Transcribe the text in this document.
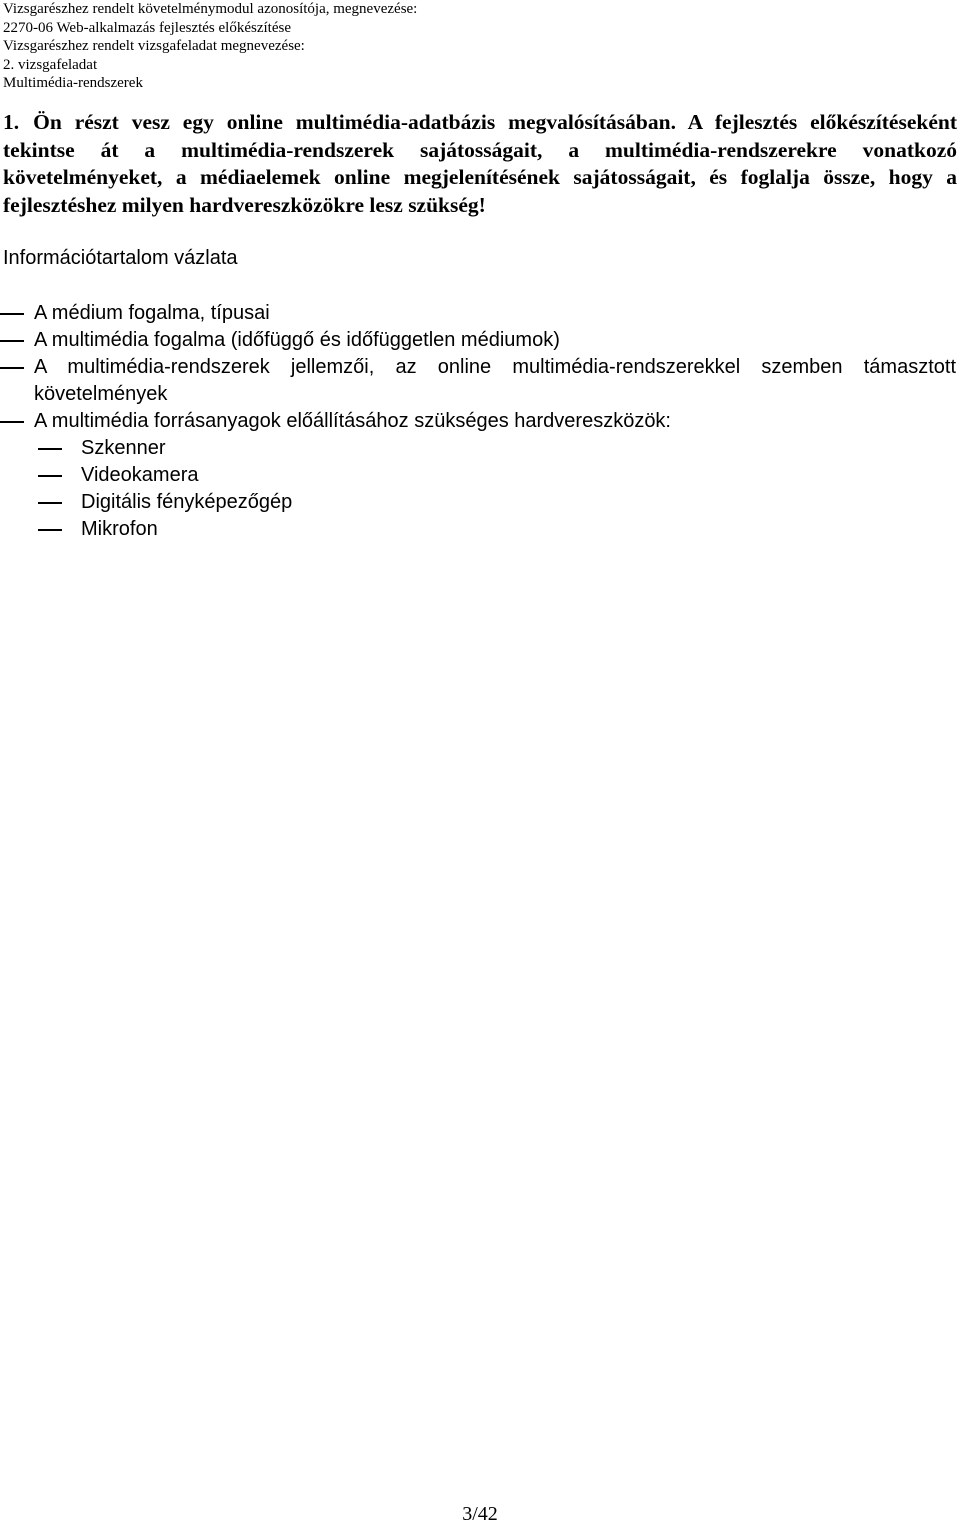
Vizsgarészhez rendelt követelménymodul azonosítója, megnevezése:
2270-06 Web-alkalmazás fejlesztés előkészítése
Vizsgarészhez rendelt vizsgafeladat megnevezése:
2. vizsgafeladat
Multimédia-rendszerek
1. Ön részt vesz egy online multimédia-adatbázis megvalósításában. A fejlesztés előkészítéseként tekintse át a multimédia-rendszerek sajátosságait, a multimédia-rendszerekre vonatkozó követelményeket, a médiaelemek online megjelenítésének sajátosságait, és foglalja össze, hogy a fejlesztéshez milyen hardvereszközökre lesz szükség!
Információtartalom vázlata
A médium fogalma, típusai
A multimédia fogalma (időfüggő és időfüggetlen médiumok)
A multimédia-rendszerek jellemzői, az online multimédia-rendszerekkel szemben támasztott követelmények
A multimédia forrásanyagok előállításához szükséges hardvereszközök:
Szkenner
Videokamera
Digitális fényképezőgép
Mikrofon
3/42
